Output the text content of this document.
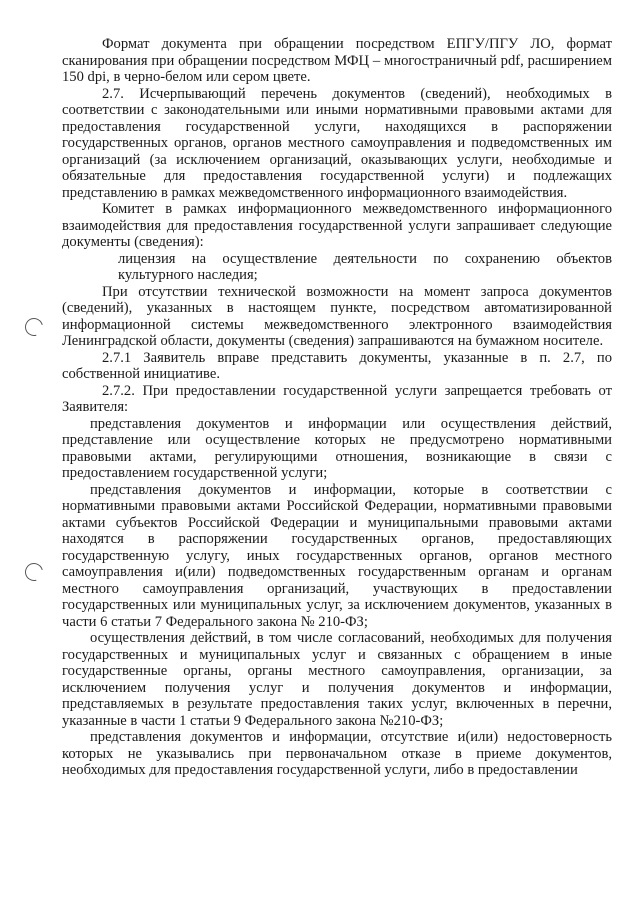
Формат документа при обращении посредством ЕПГУ/ПГУ ЛО, формат сканирования при обращении посредством МФЦ – многостраничный pdf, расширением 150 dpi, в черно-белом или сером цвете.

2.7. Исчерпывающий перечень документов (сведений), необходимых в соответствии с законодательными или иными нормативными правовыми актами для предоставления государственной услуги, находящихся в распоряжении государственных органов, органов местного самоуправления и подведомственных им организаций (за исключением организаций, оказывающих услуги, необходимые и обязательные для предоставления государственной услуги) и подлежащих представлению в рамках межведомственного информационного взаимодействия.

Комитет в рамках информационного межведомственного информационного взаимодействия для предоставления государственной услуги запрашивает следующие документы (сведения):

лицензия на осуществление деятельности по сохранению объектов культурного наследия;

При отсутствии технической возможности на момент запроса документов (сведений), указанных в настоящем пункте, посредством автоматизированной информационной системы межведомственного электронного взаимодействия Ленинградской области, документы (сведения) запрашиваются на бумажном носителе.

2.7.1 Заявитель вправе представить документы, указанные в п. 2.7, по собственной инициативе.

2.7.2. При предоставлении государственной услуги запрещается требовать от Заявителя:

представления документов и информации или осуществления действий, представление или осуществление которых не предусмотрено нормативными правовыми актами, регулирующими отношения, возникающие в связи с предоставлением государственной услуги;

представления документов и информации, которые в соответствии с нормативными правовыми актами Российской Федерации, нормативными правовыми актами субъектов Российской Федерации и муниципальными правовыми актами находятся в распоряжении государственных органов, предоставляющих государственную услугу, иных государственных органов, органов местного самоуправления и(или) подведомственных государственным органам и органам местного самоуправления организаций, участвующих в предоставлении государственных или муниципальных услуг, за исключением документов, указанных в части 6 статьи 7 Федерального закона № 210-ФЗ;

осуществления действий, в том числе согласований, необходимых для получения государственных и муниципальных услуг и связанных с обращением в иные государственные органы, органы местного самоуправления, организации, за исключением получения услуг и получения документов и информации, представляемых в результате предоставления таких услуг, включенных в перечни, указанные в части 1 статьи 9 Федерального закона №210-ФЗ;

представления документов и информации, отсутствие и(или) недостоверность которых не указывались при первоначальном отказе в приеме документов, необходимых для предоставления государственной услуги, либо в предоставлении
